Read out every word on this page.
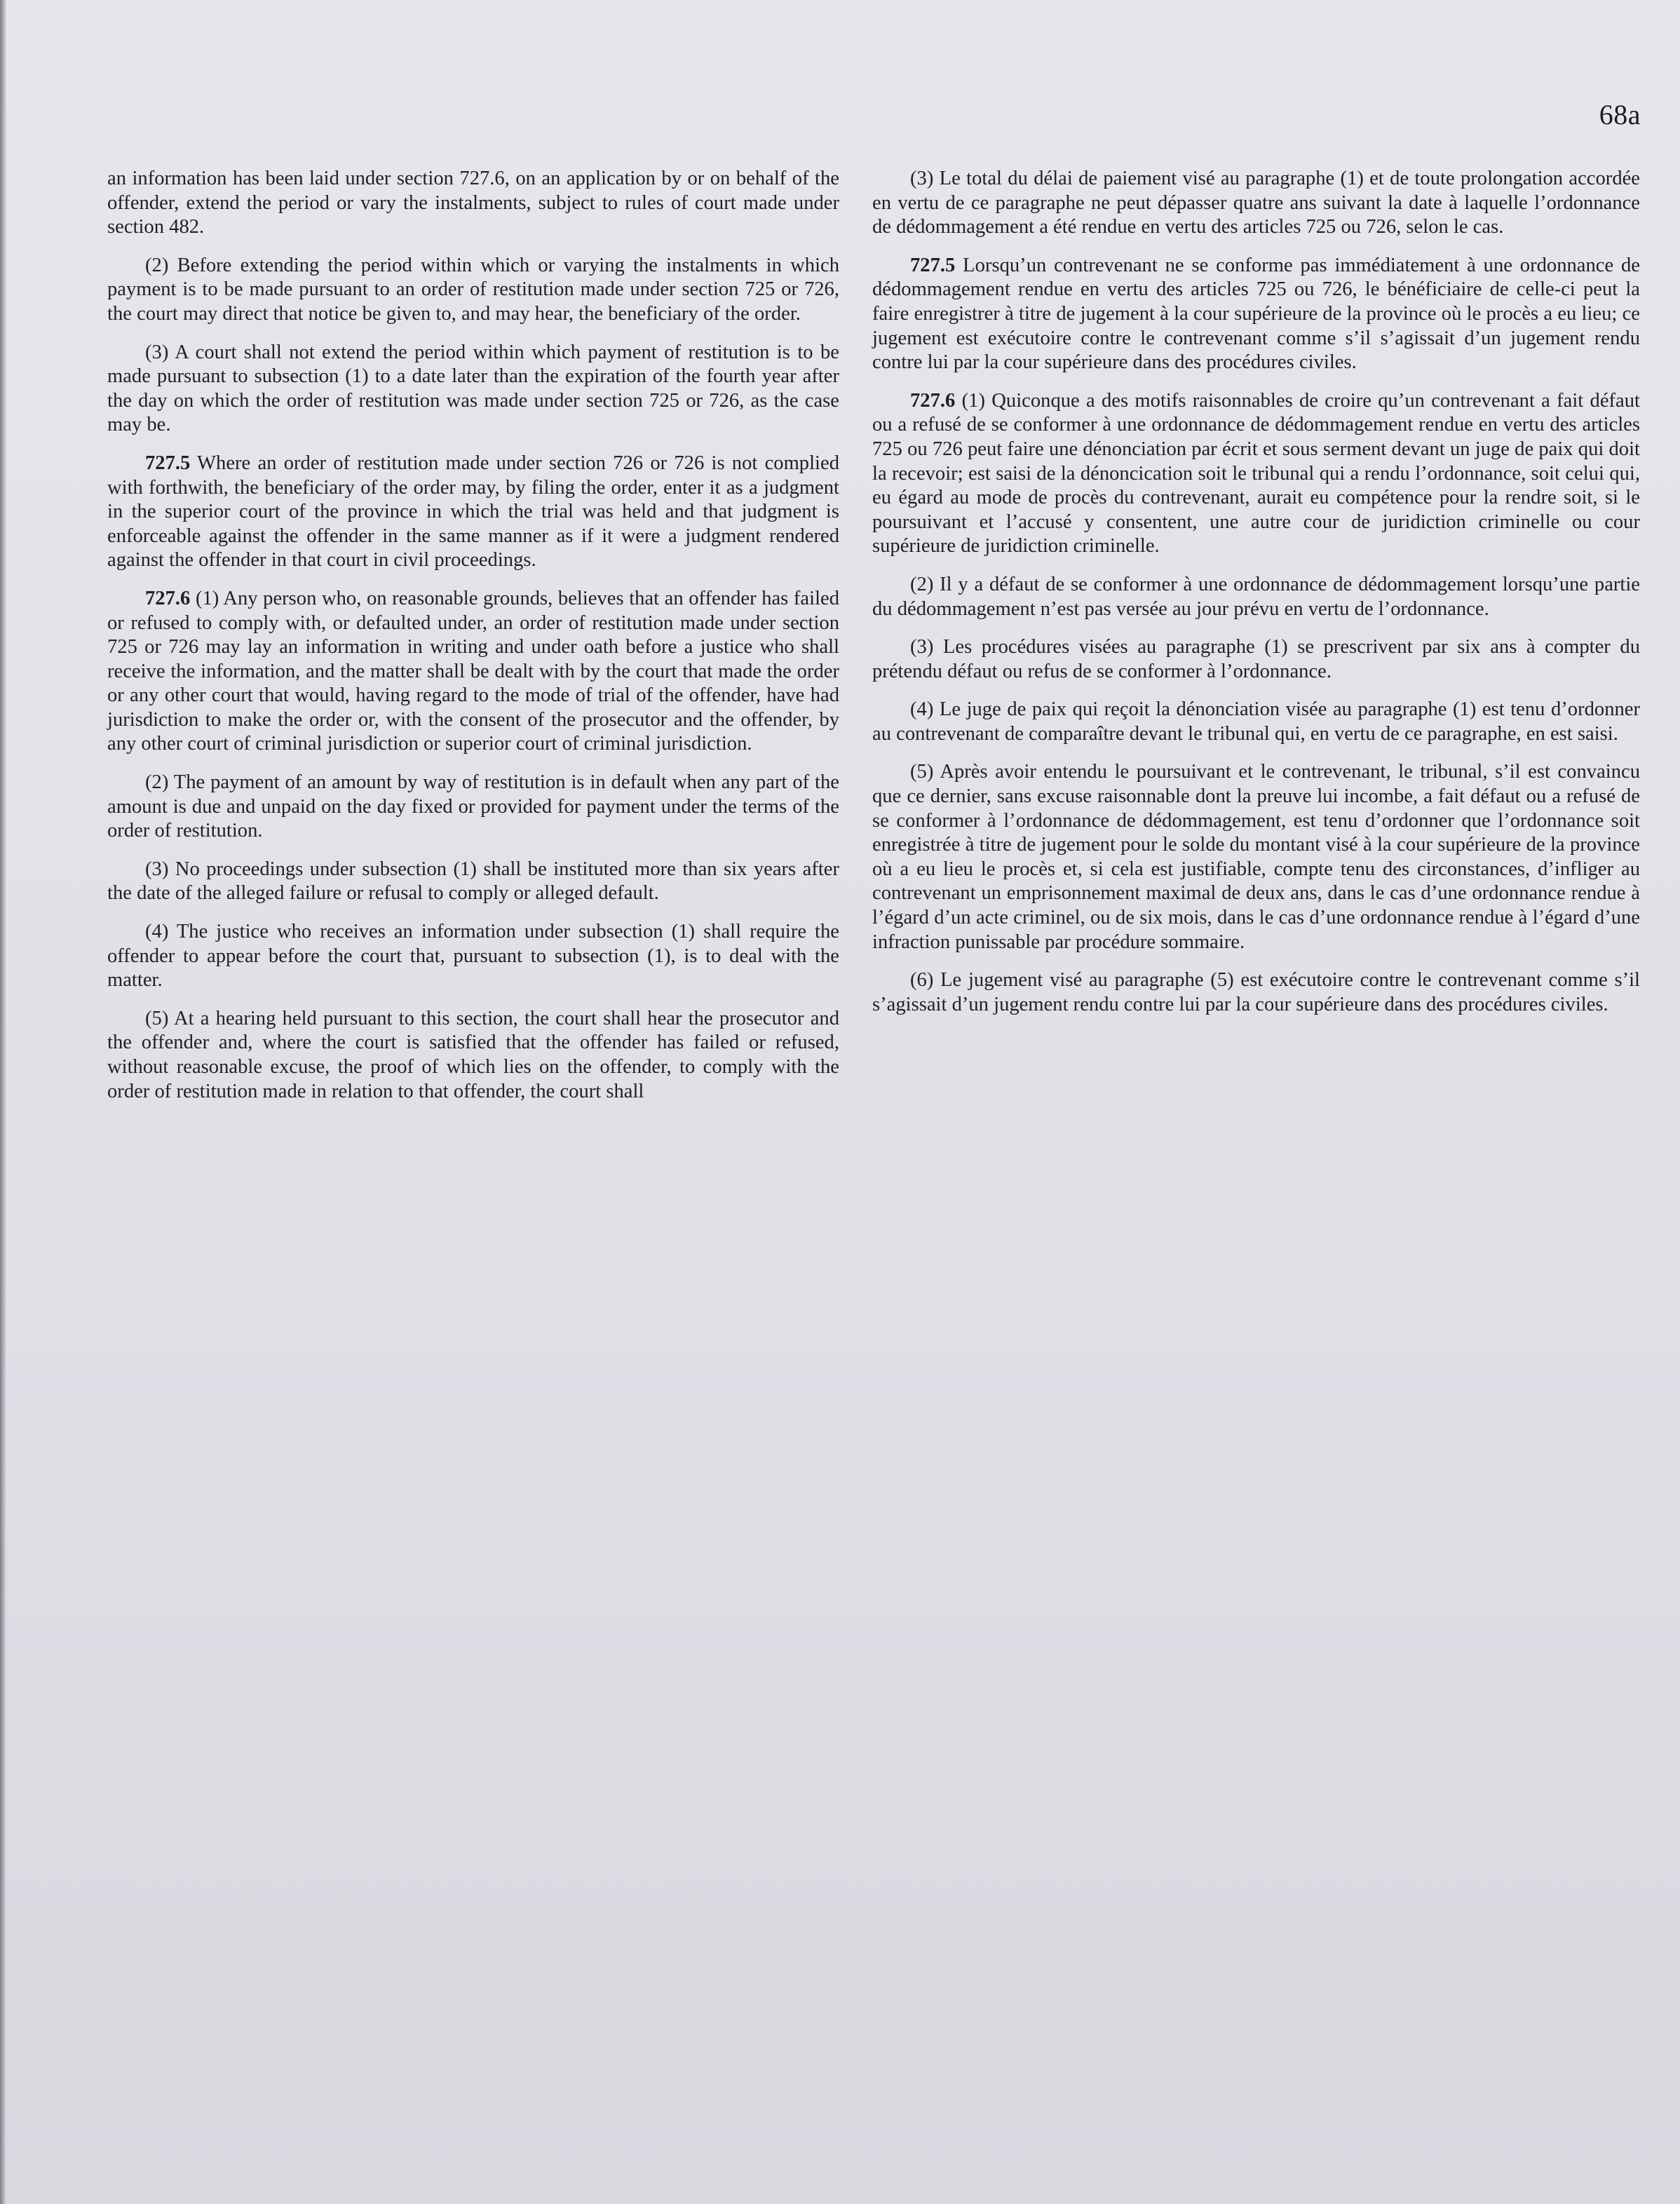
68a

an information has been laid under section 727.6, on an application by or on behalf of the offender, extend the period or vary the instalments, subject to rules of court made under section 482.

(2) Before extending the period within which or varying the instalments in which payment is to be made pursuant to an order of restitution made under section 725 or 726, the court may direct that notice be given to, and may hear, the beneficiary of the order.

(3) A court shall not extend the period within which payment of restitution is to be made pursuant to subsection (1) to a date later than the expiration of the fourth year after the day on which the order of restitution was made under section 725 or 726, as the case may be.

727.5 Where an order of restitution made under section 726 or 726 is not complied with forthwith, the beneficiary of the order may, by filing the order, enter it as a judgment in the superior court of the province in which the trial was held and that judgment is enforceable against the offender in the same manner as if it were a judgment rendered against the offender in that court in civil proceedings.

727.6 (1) Any person who, on reasonable grounds, believes that an offender has failed or refused to comply with, or defaulted under, an order of restitution made under section 725 or 726 may lay an information in writing and under oath before a justice who shall receive the information, and the matter shall be dealt with by the court that made the order or any other court that would, having regard to the mode of trial of the offender, have had jurisdiction to make the order or, with the consent of the prosecutor and the offender, by any other court of criminal jurisdiction or superior court of criminal jurisdiction.

(2) The payment of an amount by way of restitution is in default when any part of the amount is due and unpaid on the day fixed or provided for payment under the terms of the order of restitution.

(3) No proceedings under subsection (1) shall be instituted more than six years after the date of the alleged failure or refusal to comply or alleged default.

(4) The justice who receives an information under subsection (1) shall require the offender to appear before the court that, pursuant to subsection (1), is to deal with the matter.

(5) At a hearing held pursuant to this section, the court shall hear the prosecutor and the offender and, where the court is satisfied that the offender has failed or refused, without reasonable excuse, the proof of which lies on the offender, to comply with the order of restitution made in relation to that offender, the court shall

(3) Le total du délai de paiement visé au paragraphe (1) et de toute prolongation accordée en vertu de ce paragraphe ne peut dépasser quatre ans suivant la date à laquelle l’ordonnance de dédommagement a été rendue en vertu des articles 725 ou 726, selon le cas.

727.5 Lorsqu’un contrevenant ne se conforme pas immédiatement à une ordonnance de dédommagement rendue en vertu des articles 725 ou 726, le bénéficiaire de celle-ci peut la faire enregistrer à titre de jugement à la cour supérieure de la province où le procès a eu lieu; ce jugement est exécutoire contre le contrevenant comme s’il s’agissait d’un jugement rendu contre lui par la cour supérieure dans des procédures civiles.

727.6 (1) Quiconque a des motifs raisonnables de croire qu’un contrevenant a fait défaut ou a refusé de se conformer à une ordonnance de dédommagement rendue en vertu des articles 725 ou 726 peut faire une dénonciation par écrit et sous serment devant un juge de paix qui doit la recevoir; est saisi de la dénoncication soit le tribunal qui a rendu l’ordonnance, soit celui qui, eu égard au mode de procès du contrevenant, aurait eu compétence pour la rendre soit, si le poursuivant et l’accusé y consentent, une autre cour de juridiction criminelle ou cour supérieure de juridiction criminelle.

(2) Il y a défaut de se conformer à une ordonnance de dédommagement lorsqu’une partie du dédommagement n’est pas versée au jour prévu en vertu de l’ordonnance.

(3) Les procédures visées au paragraphe (1) se prescrivent par six ans à compter du prétendu défaut ou refus de se conformer à l’ordonnance.

(4) Le juge de paix qui reçoit la dénonciation visée au paragraphe (1) est tenu d’ordonner au contrevenant de comparaître devant le tribunal qui, en vertu de ce paragraphe, en est saisi.

(5) Après avoir entendu le poursuivant et le contrevenant, le tribunal, s’il est convaincu que ce dernier, sans excuse raisonnable dont la preuve lui incombe, a fait défaut ou a refusé de se conformer à l’ordonnance de dédommagement, est tenu d’ordonner que l’ordonnance soit enregistrée à titre de jugement pour le solde du montant visé à la cour supérieure de la province où a eu lieu le procès et, si cela est justifiable, compte tenu des circonstances, d’infliger au contrevenant un emprisonnement maximal de deux ans, dans le cas d’une ordonnance rendue à l’égard d’un acte criminel, ou de six mois, dans le cas d’une ordonnance rendue à l’égard d’une infraction punissable par procédure sommaire.

(6) Le jugement visé au paragraphe (5) est exécutoire contre le contrevenant comme s’il s’agissait d’un jugement rendu contre lui par la cour supérieure dans des procédures civiles.
